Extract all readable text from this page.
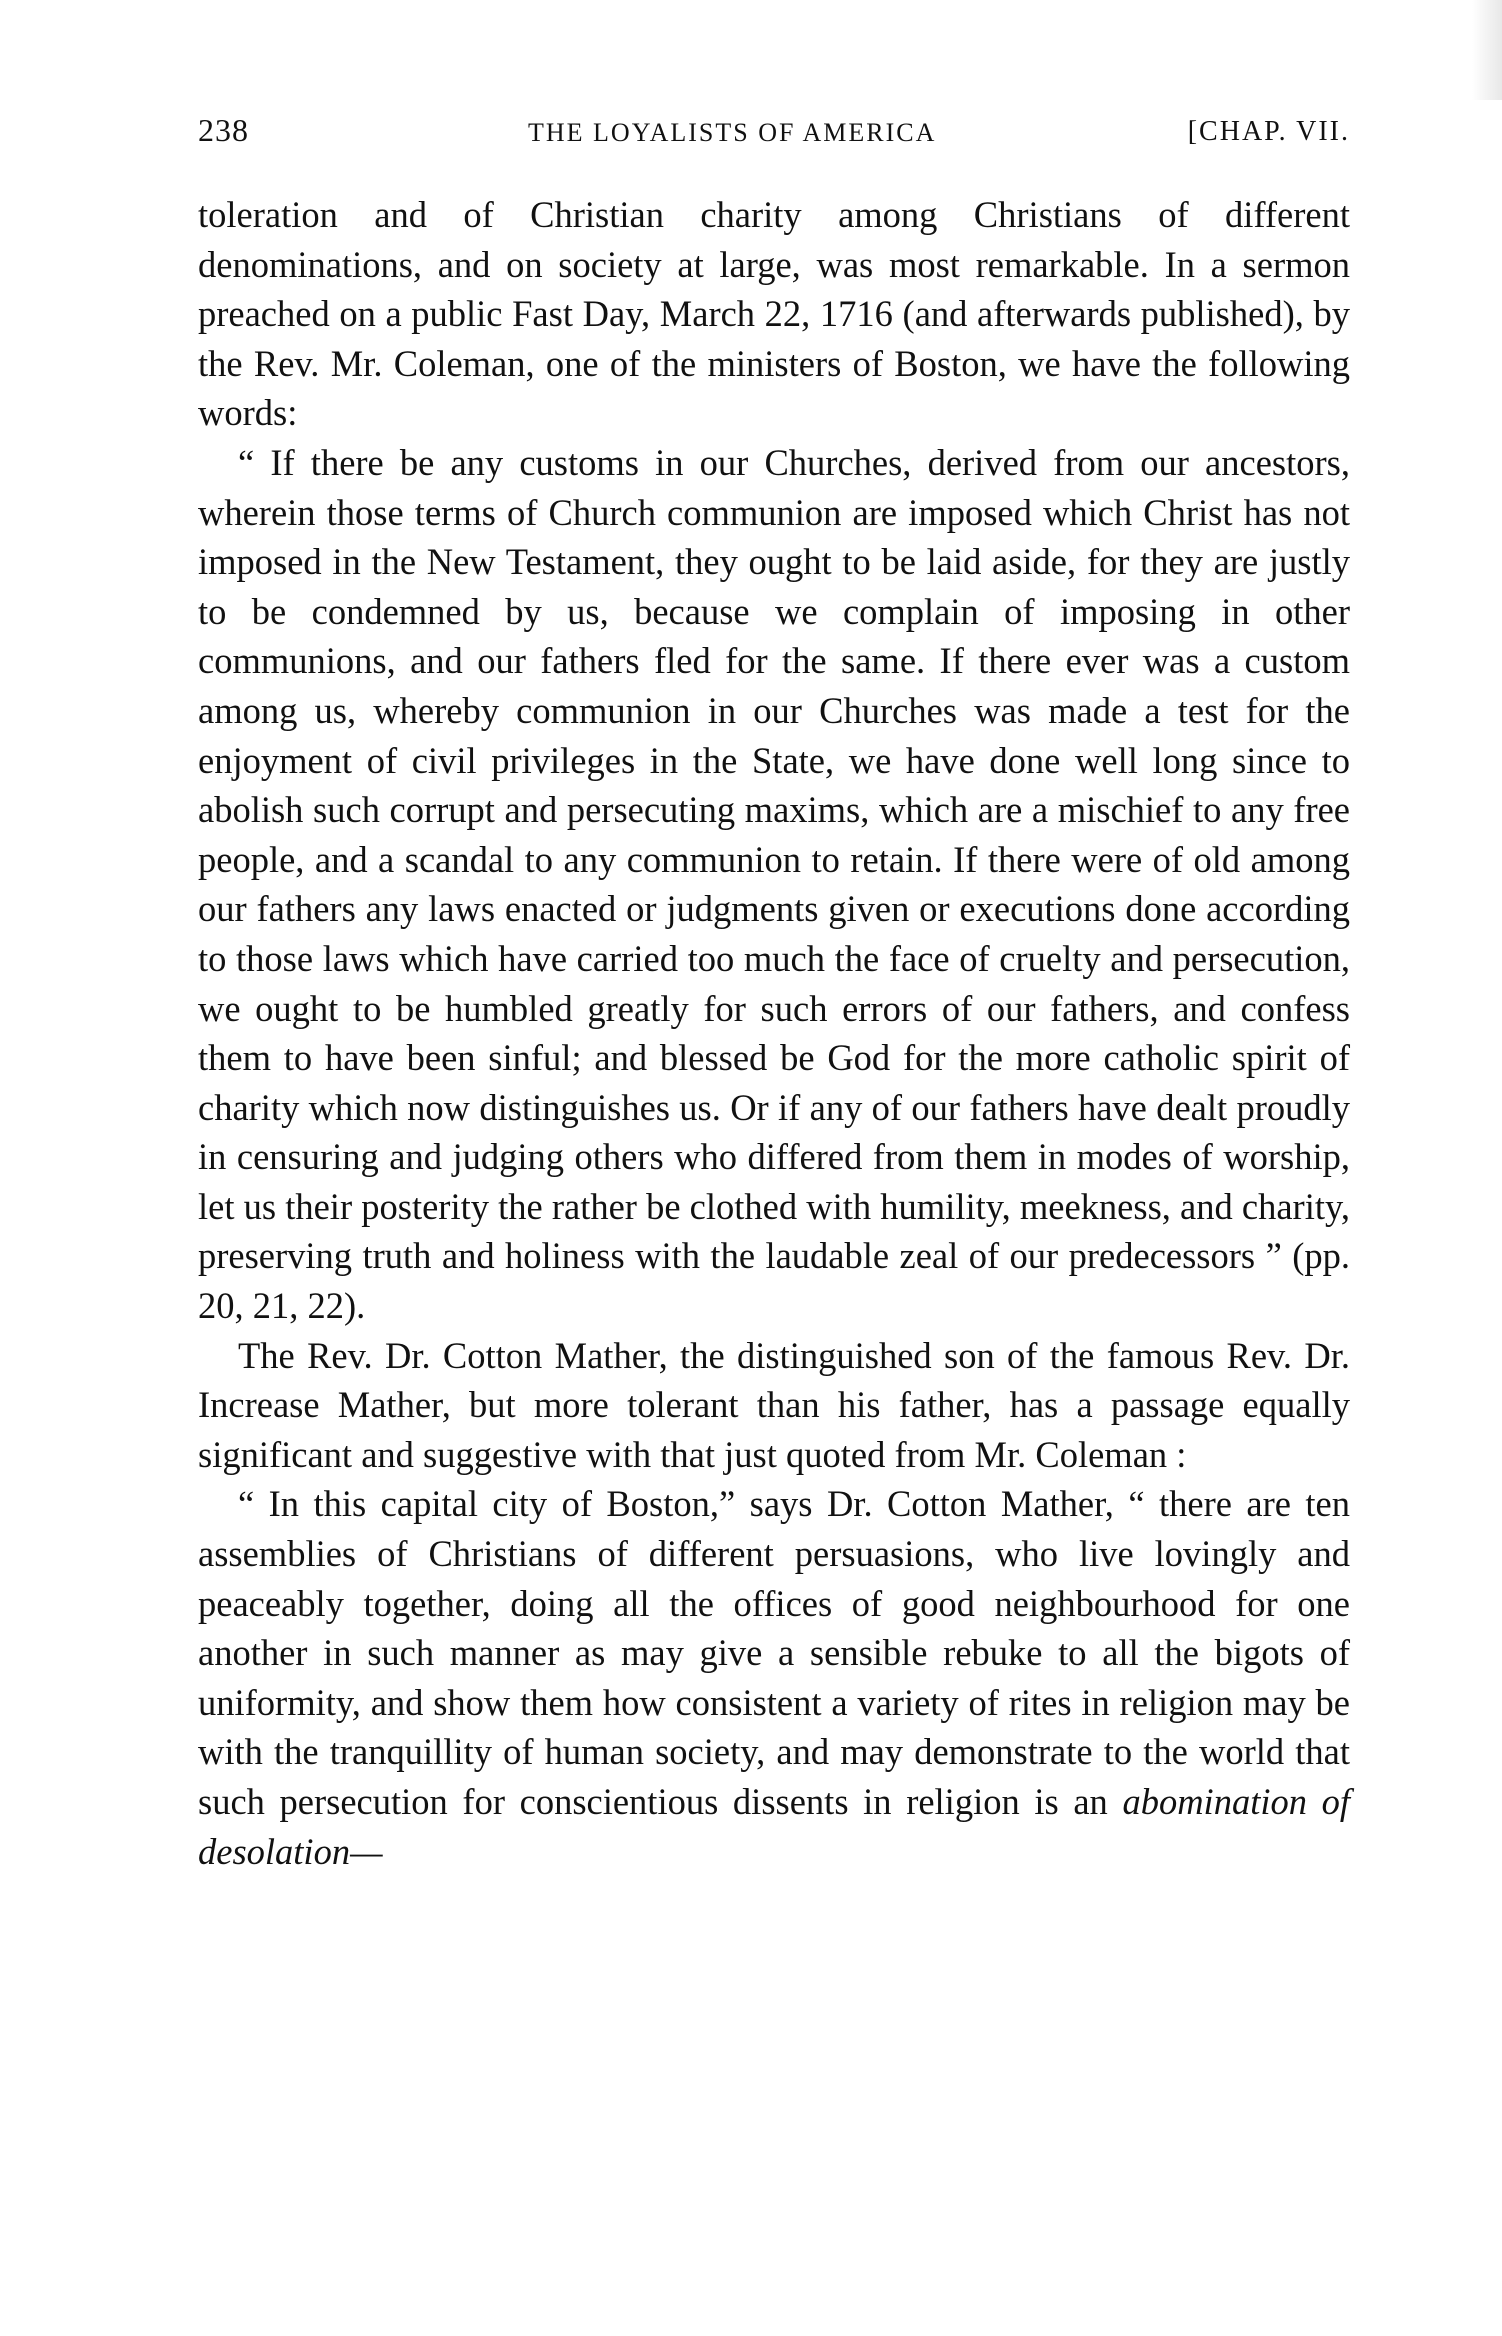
238	THE LOYALISTS OF AMERICA	[CHAP. VII.

toleration and of Christian charity among Christians of different denominations, and on society at large, was most remarkable. In a sermon preached on a public Fast Day, March 22, 1716 (and afterwards published), by the Rev. Mr. Coleman, one of the ministers of Boston, we have the following words:

“ If there be any customs in our Churches, derived from our ancestors, wherein those terms of Church communion are imposed which Christ has not imposed in the New Testament, they ought to be laid aside, for they are justly to be condemned by us, because we complain of imposing in other communions, and our fathers fled for the same. If there ever was a custom among us, whereby communion in our Churches was made a test for the enjoyment of civil privileges in the State, we have done well long since to abolish such corrupt and persecuting maxims, which are a mischief to any free people, and a scandal to any communion to retain. If there were of old among our fathers any laws enacted or judgments given or executions done according to those laws which have carried too much the face of cruelty and persecution, we ought to be humbled greatly for such errors of our fathers, and confess them to have been sinful; and blessed be God for the more catholic spirit of charity which now distinguishes us. Or if any of our fathers have dealt proudly in censuring and judging others who differed from them in modes of worship, let us their posterity the rather be clothed with humility, meekness, and charity, preserving truth and holiness with the laudable zeal of our predecessors ” (pp. 20, 21, 22).

The Rev. Dr. Cotton Mather, the distinguished son of the famous Rev. Dr. Increase Mather, but more tolerant than his father, has a passage equally significant and suggestive with that just quoted from Mr. Coleman :

“ In this capital city of Boston,” says Dr. Cotton Mather, “ there are ten assemblies of Christians of different persuasions, who live lovingly and peaceably together, doing all the offices of good neighbourhood for one another in such manner as may give a sensible rebuke to all the bigots of uniformity, and show them how consistent a variety of rites in religion may be with the tranquillity of human society, and may demonstrate to the world that such persecution for conscientious dissents in religion is an abomination of desolation—
